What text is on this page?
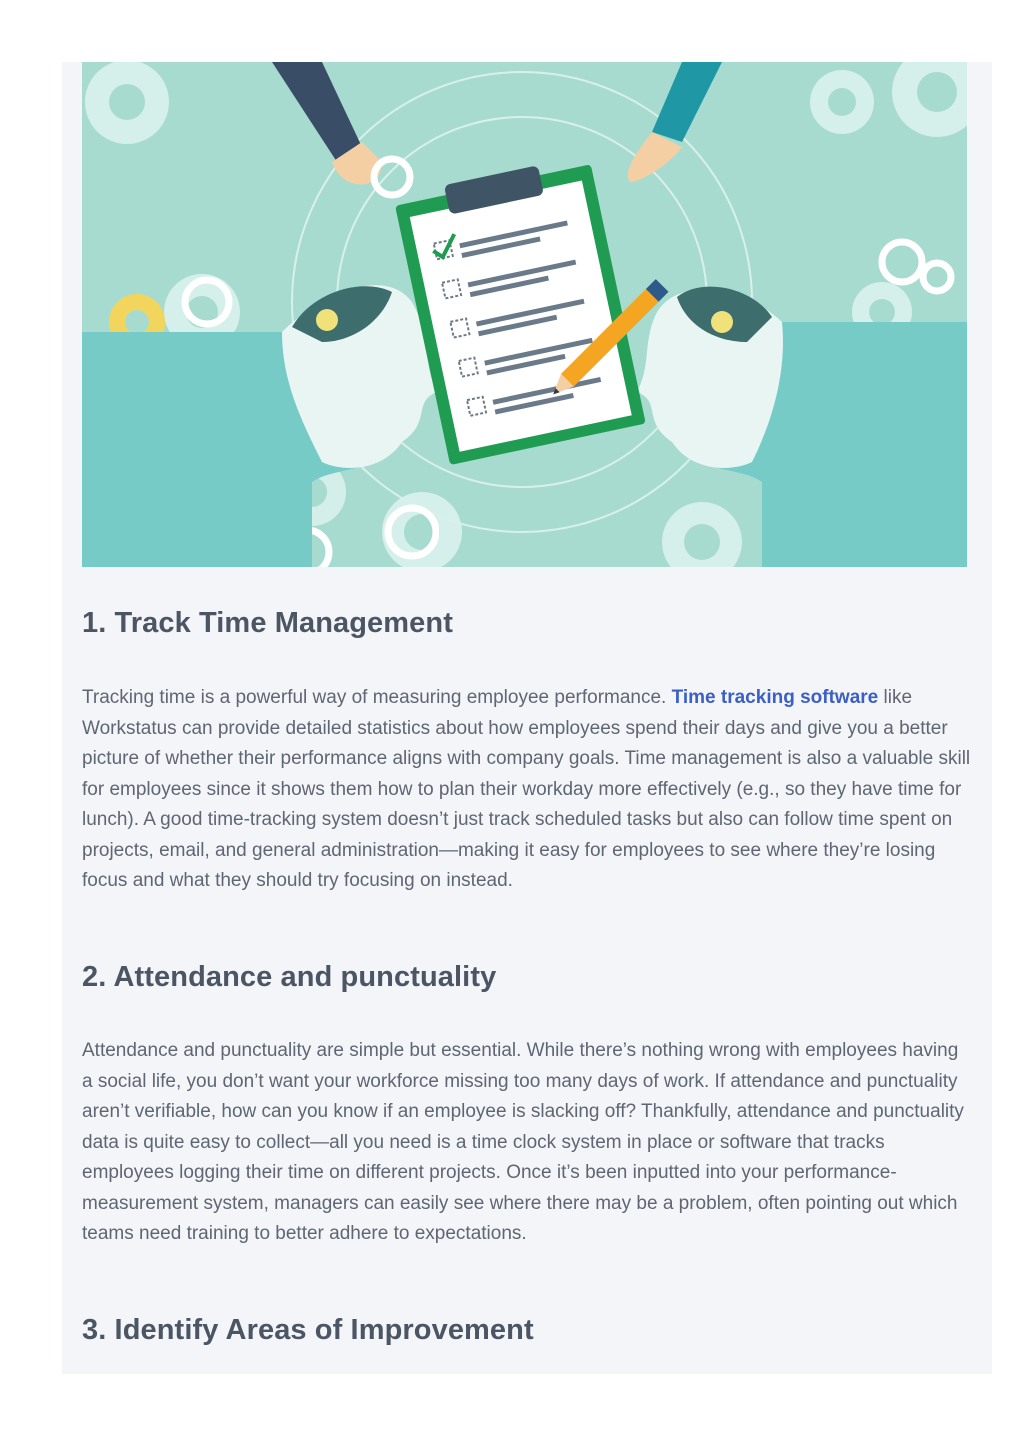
1. Track Time Management

Tracking time is a powerful way of measuring employee performance. Time tracking software like Workstatus can provide detailed statistics about how employees spend their days and give you a better picture of whether their performance aligns with company goals. Time management is also a valuable skill for employees since it shows them how to plan their workday more effectively (e.g., so they have time for lunch). A good time-tracking system doesn’t just track scheduled tasks but also can follow time spent on projects, email, and general administration—making it easy for employees to see where they’re losing focus and what they should try focusing on instead.

2. Attendance and punctuality

Attendance and punctuality are simple but essential. While there’s nothing wrong with employees having a social life, you don’t want your workforce missing too many days of work. If attendance and punctuality aren’t verifiable, how can you know if an employee is slacking off? Thankfully, attendance and punctuality data is quite easy to collect—all you need is a time clock system in place or software that tracks employees logging their time on different projects. Once it’s been inputted into your performance-measurement system, managers can easily see where there may be a problem, often pointing out which teams need training to better adhere to expectations.

3. Identify Areas of Improvement
